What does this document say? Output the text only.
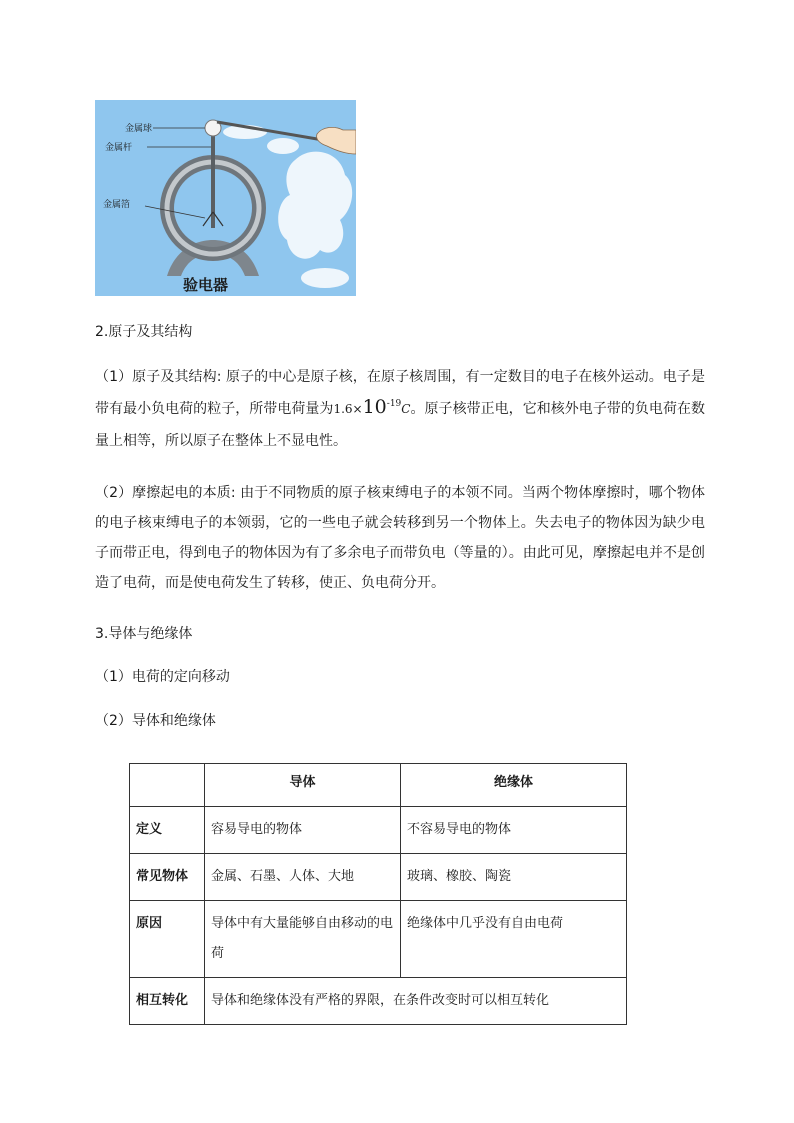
金属球
金属杆
金属箔
验电器
2.原子及其结构
（1）原子及其结构: 原子的中心是原子核，在原子核周围，有一定数目的电子在核外运动。电子是带有最小负电荷的粒子，所带电荷量为$1.6\times 10^{-19}C$。原子核带正电，它和核外电子带的负电荷在数量上相等，所以原子在整体上不显电性。
（2）摩擦起电的本质: 由于不同物质的原子核束缚电子的本领不同。当两个物体摩擦时，哪个物体的电子核束缚电子的本领弱，它的一些电子就会转移到另一个物体上。失去电子的物体因为缺少电子而带正电，得到电子的物体因为有了多余电子而带负电（等量的）。由此可见，摩擦起电并不是创造了电荷，而是使电荷发生了转移，使正、负电荷分开。
3.导体与绝缘体
（1）电荷的定向移动
（2）导体和绝缘体
	导体	绝缘体
定义	容易导电的物体	不容易导电的物体
常见物体	金属、石墨、人体、大地	玻璃、橡胶、陶瓷
原因	导体中有大量能够自由移动的电荷	绝缘体中几乎没有自由电荷
相互转化	导体和绝缘体没有严格的界限，在条件改变时可以相互转化	
